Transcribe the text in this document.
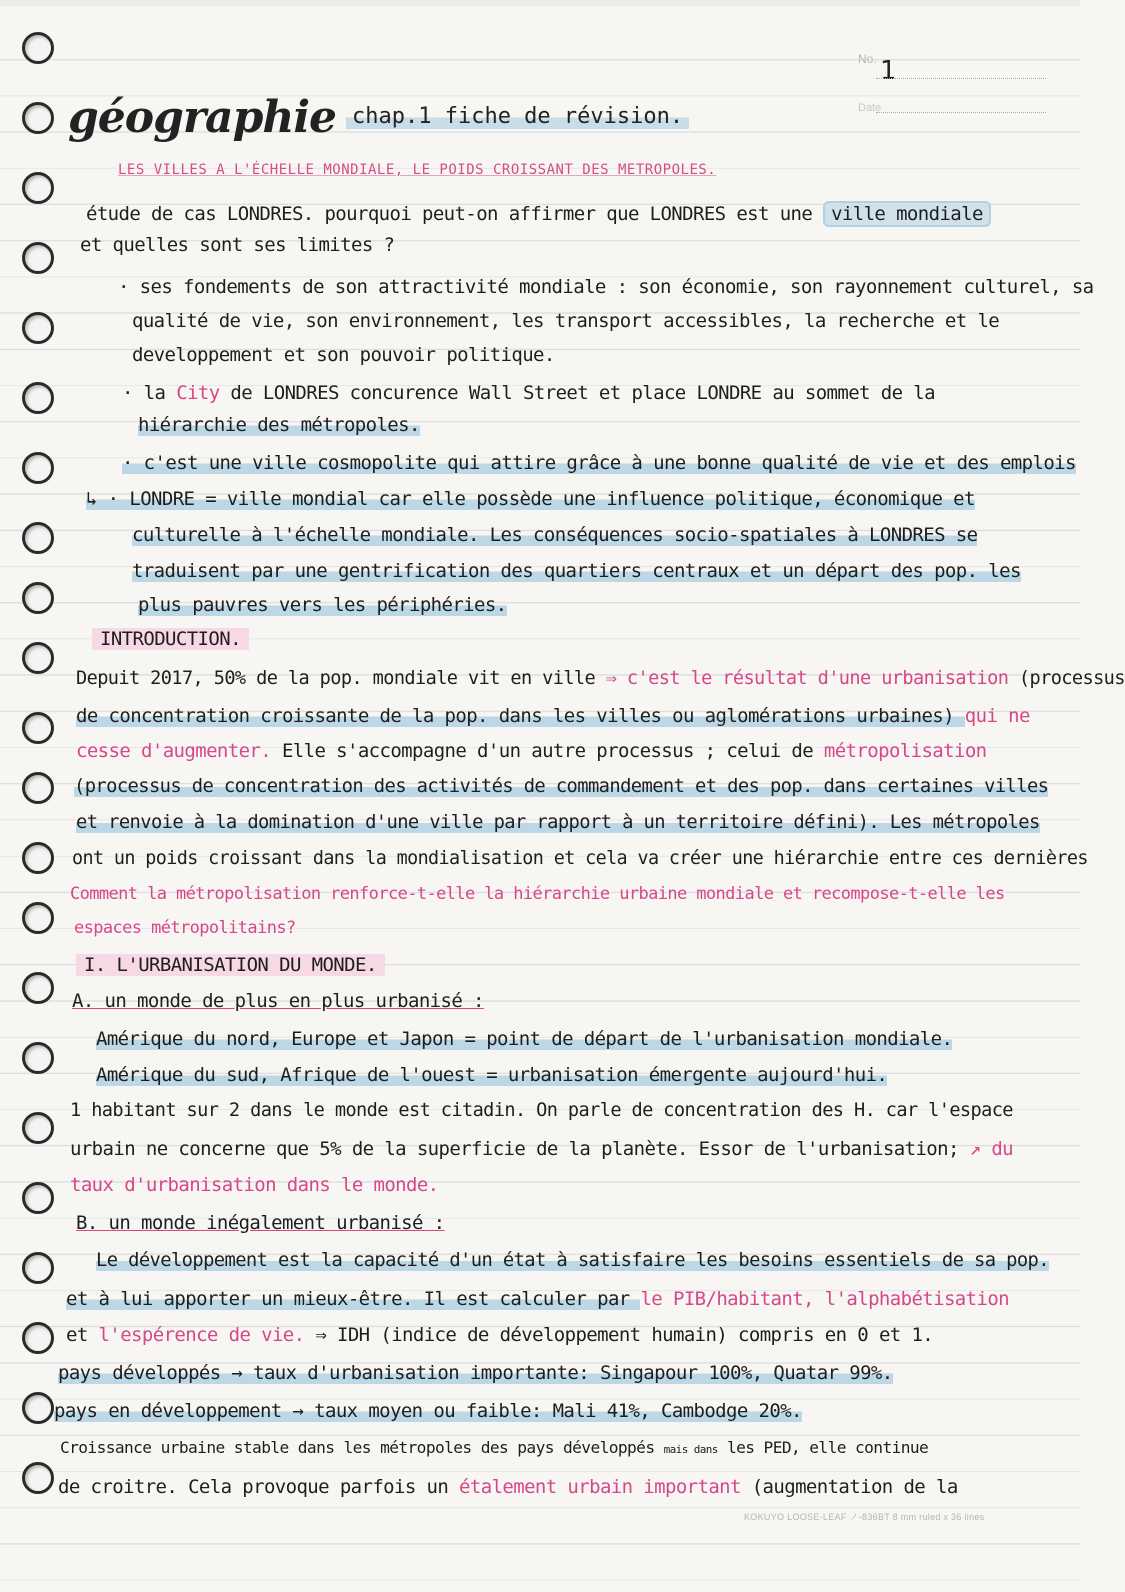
No. 1
Date
géographie chap.1 fiche de révision.
LES VILLES A L'ÉCHELLE MONDIALE, LE POIDS CROISSANT DES METROPOLES.
étude de cas LONDRES. pourquoi peut-on affirmer que LONDRES est une ville mondiale
et quelles sont ses limites ?
· ses fondements de son attractivité mondiale : son économie, son rayonnement culturel, sa
qualité de vie, son environnement, les transport accessibles, la recherche et le
developpement et son pouvoir politique.
· la City de LONDRES concurence Wall Street et place LONDRE au sommet de la
hiérarchie des métropoles.
· c'est une ville cosmopolite qui attire grâce à une bonne qualité de vie et des emplois
↳ · LONDRE = ville mondial car elle possède une influence politique, économique et
culturelle à l'échelle mondiale. Les conséquences socio-spatiales à LONDRES se
traduisent par une gentrification des quartiers centraux et un départ des pop. les
plus pauvres vers les périphéries.
INTRODUCTION.
Depuit 2017, 50% de la pop. mondiale vit en ville ⇒ c'est le résultat d'une urbanisation (processus
de concentration croissante de la pop. dans les villes ou aglomérations urbaines) qui ne
cesse d'augmenter. Elle s'accompagne d'un autre processus ; celui de métropolisation
(processus de concentration des activités de commandement et des pop. dans certaines villes
et renvoie à la domination d'une ville par rapport à un territoire défini). Les métropoles
ont un poids croissant dans la mondialisation et cela va créer une hiérarchie entre ces dernières
Comment la métropolisation renforce-t-elle la hiérarchie urbaine mondiale et recompose-t-elle les
espaces métropolitains?
I. L'URBANISATION DU MONDE.
A. un monde de plus en plus urbanisé :
Amérique du nord, Europe et Japon = point de départ de l'urbanisation mondiale.
Amérique du sud, Afrique de l'ouest = urbanisation émergente aujourd'hui.
1 habitant sur 2 dans le monde est citadin. On parle de concentration des H. car l'espace
urbain ne concerne que 5% de la superficie de la planète. Essor de l'urbanisation; ↗ du
taux d'urbanisation dans le monde.
B. un monde inégalement urbanisé :
Le développement est la capacité d'un état à satisfaire les besoins essentiels de sa pop.
et à lui apporter un mieux-être. Il est calculer par le PIB/habitant, l'alphabétisation
et l'espérence de vie. ⇒ IDH (indice de développement humain) compris en 0 et 1.
pays développés → taux d'urbanisation importante: Singapour 100%, Quatar 99%.
pays en développement → taux moyen ou faible: Mali 41%, Cambodge 20%.
Croissance urbaine stable dans les métropoles des pays développés mais dans les PED, elle continue
de croitre. Cela provoque parfois un étalement urbain important (augmentation de la
KOKUYO LOOSE-LEAF ノ-836BT 8 mm ruled x 36 lines
